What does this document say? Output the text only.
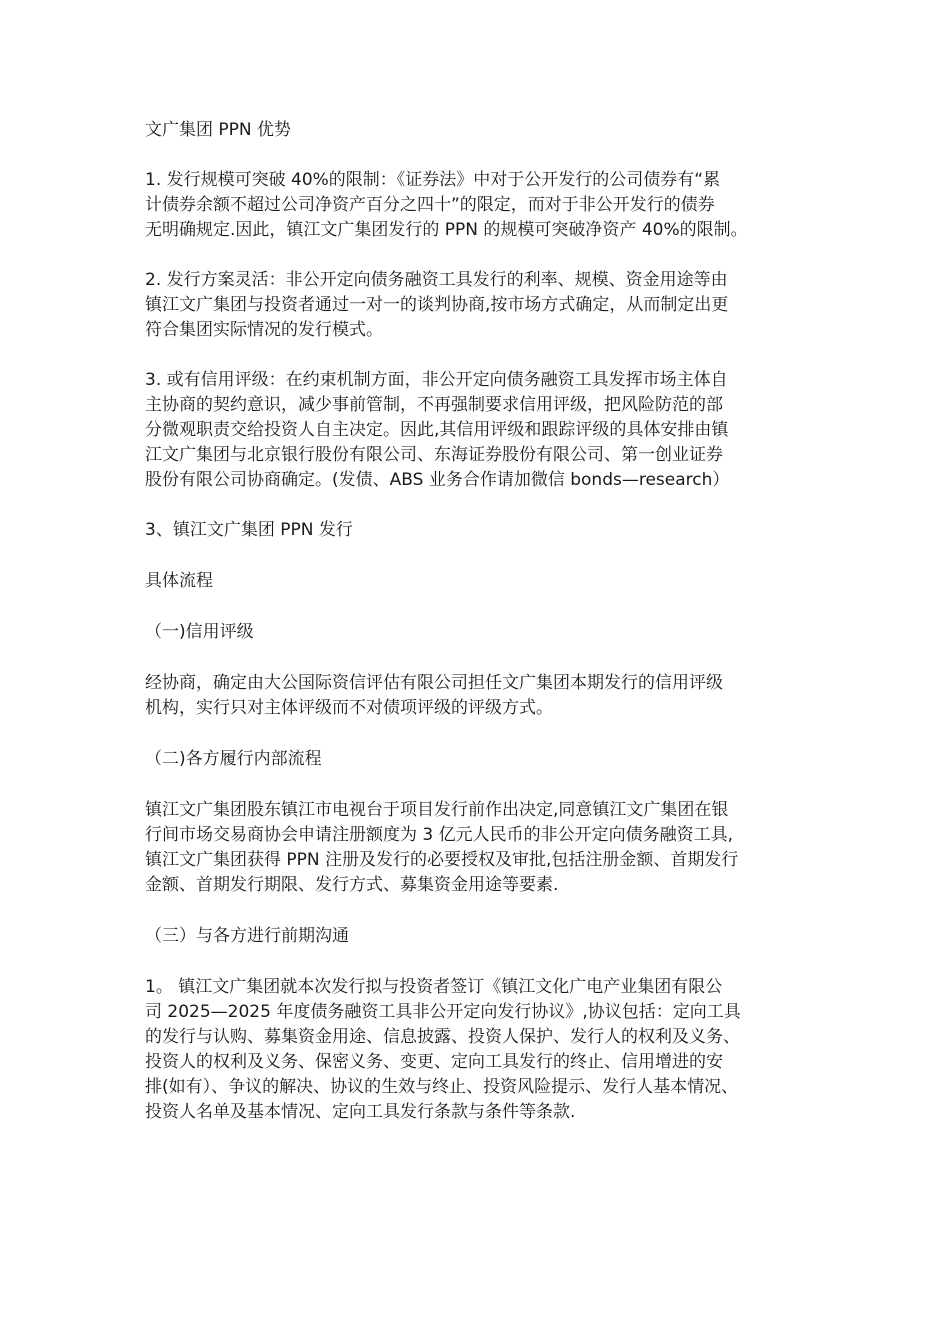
文广集团 PPN 优势
1. 发行规模可突破 40%的限制：《证券法》中对于公开发行的公司债券有“累
计债券余额不超过公司净资产百分之四十”的限定，而对于非公开发行的债券
无明确规定.因此，镇江文广集团发行的 PPN 的规模可突破净资产 40%的限制。
2. 发行方案灵活：非公开定向债务融资工具发行的利率、规模、资金用途等由
镇江文广集团与投资者通过一对一的谈判协商,按市场方式确定，从而制定出更
符合集团实际情况的发行模式。
3. 或有信用评级：在约束机制方面，非公开定向债务融资工具发挥市场主体自
主协商的契约意识，减少事前管制，不再强制要求信用评级，把风险防范的部
分微观职责交给投资人自主决定。因此,其信用评级和跟踪评级的具体安排由镇
江文广集团与北京银行股份有限公司、东海证券股份有限公司、第一创业证券
股份有限公司协商确定。(发债、ABS 业务合作请加微信 bonds—research）
3、镇江文广集团 PPN 发行
具体流程
（一)信用评级
经协商，确定由大公国际资信评估有限公司担任文广集团本期发行的信用评级
机构，实行只对主体评级而不对债项评级的评级方式。
（二)各方履行内部流程
镇江文广集团股东镇江市电视台于项目发行前作出决定,同意镇江文广集团在银
行间市场交易商协会申请注册额度为 3 亿元人民币的非公开定向债务融资工具,
镇江文广集团获得 PPN 注册及发行的必要授权及审批,包括注册金额、首期发行
金额、首期发行期限、发行方式、募集资金用途等要素.
（三）与各方进行前期沟通
1。 镇江文广集团就本次发行拟与投资者签订《镇江文化广电产业集团有限公
司 2025—2025 年度债务融资工具非公开定向发行协议》,协议包括：定向工具
的发行与认购、募集资金用途、信息披露、投资人保护、发行人的权利及义务、
投资人的权利及义务、保密义务、变更、定向工具发行的终止、信用增进的安
排(如有）、争议的解决、协议的生效与终止、投资风险提示、发行人基本情况、
投资人名单及基本情况、定向工具发行条款与条件等条款.
